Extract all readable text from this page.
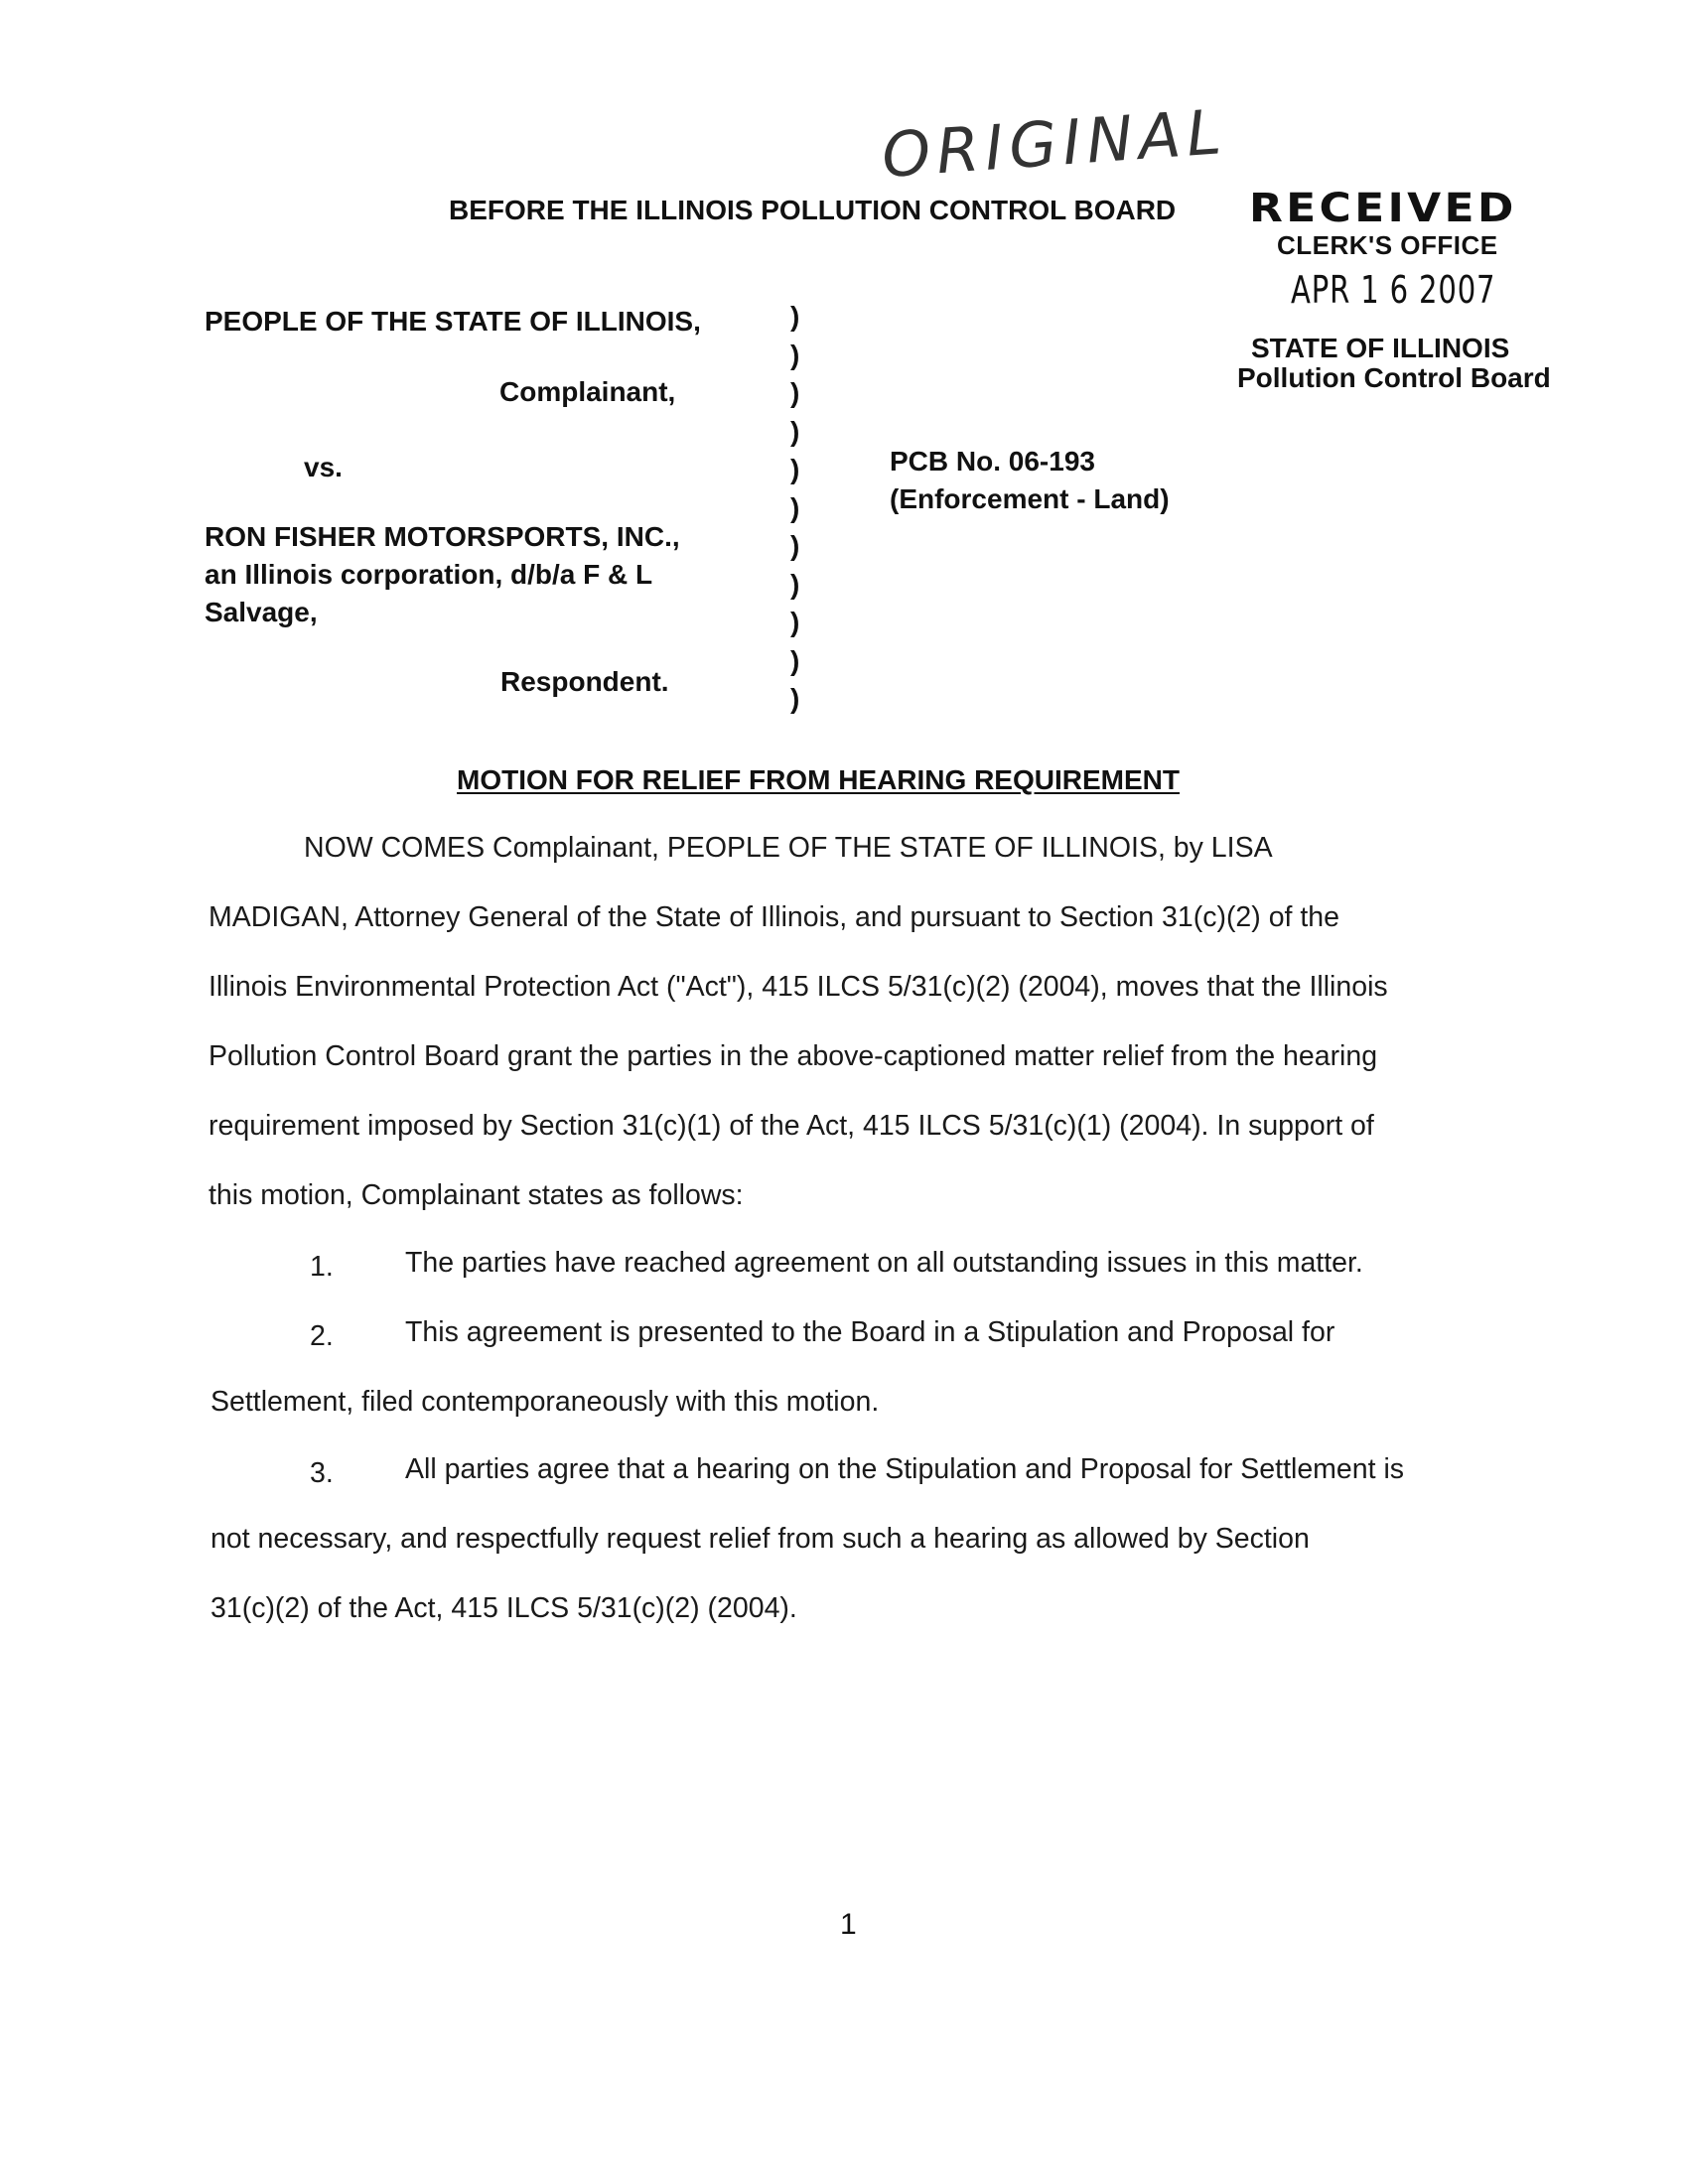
ORIGINAL
RECEIVED
CLERK'S OFFICE
APR 1 6 2007
STATE OF ILLINOIS
Pollution Control Board
BEFORE THE ILLINOIS POLLUTION CONTROL BOARD
PEOPLE OF THE STATE OF ILLINOIS,
Complainant,
vs.
RON FISHER MOTORSPORTS, INC.,
an Illinois corporation, d/b/a F & L
Salvage,
Respondent.
)
)
)
)
)
)
)
)
)
)
)
PCB No. 06-193
(Enforcement - Land)
MOTION FOR RELIEF FROM HEARING REQUIREMENT
NOW COMES Complainant, PEOPLE OF THE STATE OF ILLINOIS, by LISA
MADIGAN, Attorney General of the State of Illinois, and pursuant to Section 31(c)(2) of the
Illinois Environmental Protection Act ("Act"), 415 ILCS 5/31(c)(2) (2004), moves that the Illinois
Pollution Control Board grant the parties in the above-captioned matter relief from the hearing
requirement imposed by Section 31(c)(1) of the Act, 415 ILCS 5/31(c)(1) (2004). In support of
this motion, Complainant states as follows:
1.	The parties have reached agreement on all outstanding issues in this matter.
2.	This agreement is presented to the Board in a Stipulation and Proposal for
Settlement, filed contemporaneously with this motion.
3.	All parties agree that a hearing on the Stipulation and Proposal for Settlement is
not necessary, and respectfully request relief from such a hearing as allowed by Section
31(c)(2) of the Act, 415 ILCS 5/31(c)(2) (2004).
1
